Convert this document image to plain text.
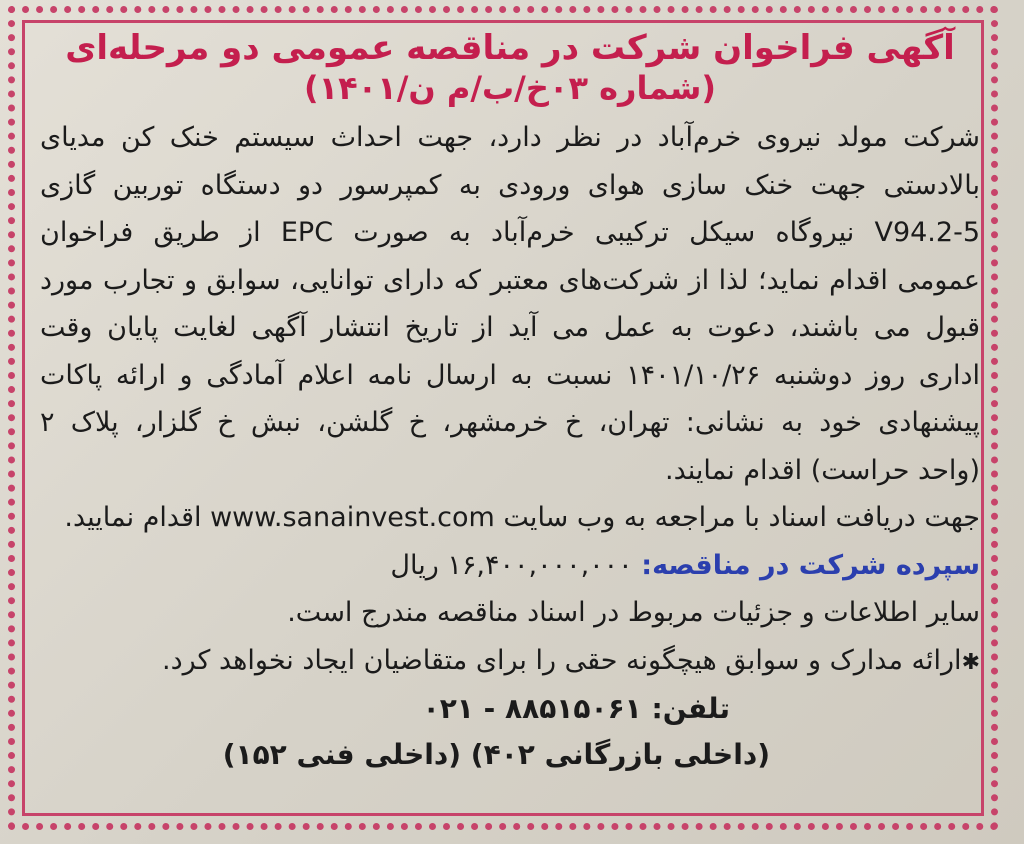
آگهی فراخوان شرکت در مناقصه عمومی دو مرحله‌ای

(شماره ۰۳خ/ب/م ن/۱۴۰۱)

شرکت مولد نیروی خرم‌آباد در نظر دارد، جهت احداث سیستم خنک کن مدیای

بالادستی جهت خنک سازی هوای ورودی به کمپرسور دو دستگاه توربین گازی

V94.2-5 نیروگاه سیکل ترکیبی خرم‌آباد به صورت EPC از طریق فراخوان

عمومی اقدام نماید؛ لذا از شرکت‌های معتبر که دارای توانایی، سوابق و تجارب مورد

قبول می باشند، دعوت به عمل می آید از تاریخ انتشار آگهی لغایت پایان وقت

اداری روز دوشنبه ۱۴۰۱/۱۰/۲۶ نسبت به ارسال نامه اعلام آمادگی و ارائه پاکات

پیشنهادی خود به نشانی: تهران، خ خرمشهر، خ گلشن، نبش خ گلزار، پلاک ۲

(واحد حراست) اقدام نمایند.

جهت دریافت اسناد با مراجعه به وب سایت www.sanainvest.com اقدام نمایید.

سپرده شرکت در مناقصه: ۱۶,۴۰۰,۰۰۰,۰۰۰ ریال

سایر اطلاعات و جزئیات مربوط در اسناد مناقصه مندرج است.

✱ارائه مدارک و سوابق هیچگونه حقی را برای متقاضیان ایجاد نخواهد کرد.

تلفن: ۸۸۵۱۵۰۶۱ - ۰۲۱

(داخلی بازرگانی ۴۰۲) (داخلی فنی ۱۵۲)
